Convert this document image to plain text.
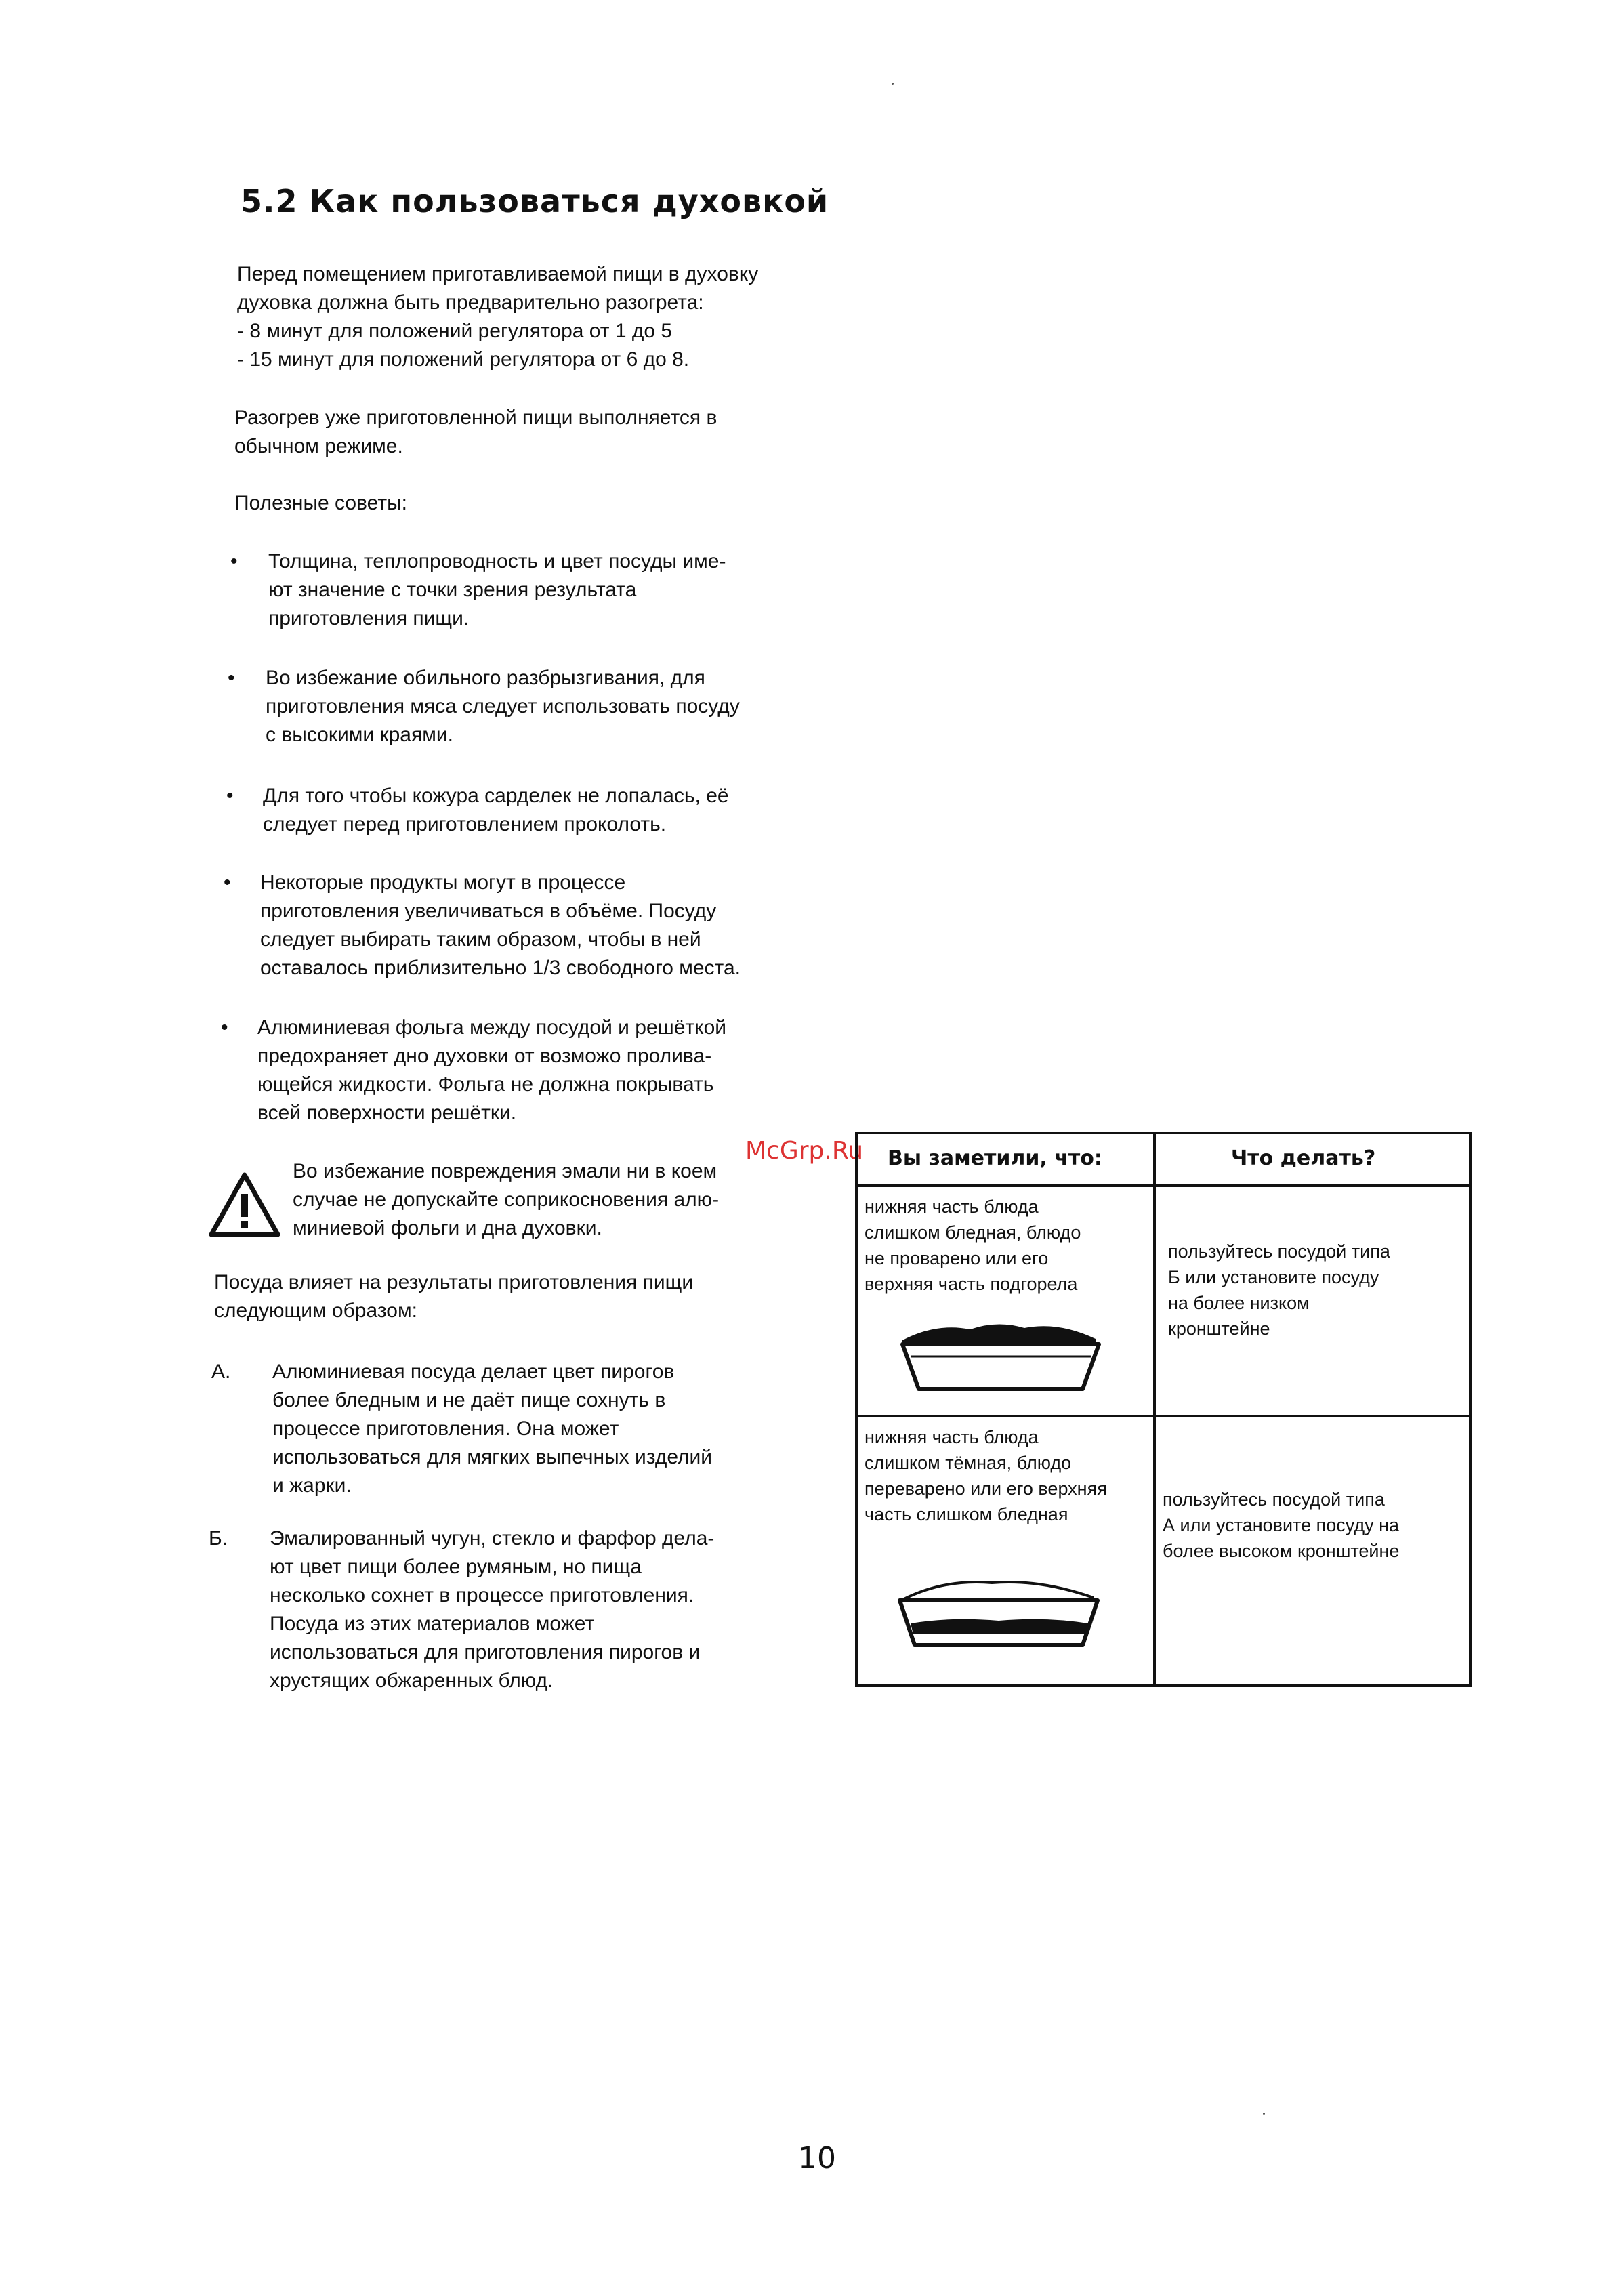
5.2 Как пользоваться духовкой
Перед помещением приготавливаемой пищи в духовку
духовка должна быть предварительно разогрета:
- 8 минут для положений регулятора от 1 до 5
- 15 минут для положений регулятора от 6 до 8.
Разогрев уже приготовленной пищи выполняется в
обычном режиме.
Полезные советы:
• Толщина, теплопроводность и цвет посуды име-
ют значение с точки зрения результата
приготовления пищи.
• Во избежание обильного разбрызгивания, для
приготовления мяса следует использовать посуду
с высокими краями.
• Для того чтобы кожура сарделек не лопалась, её
следует перед приготовлением проколоть.
• Некоторые продукты могут в процессе
приготовления увеличиваться в объёме. Посуду
следует выбирать таким образом, чтобы в ней
оставалось приблизительно 1/3 свободного места.
• Алюминиевая фольга между посудой и решёткой
предохраняет дно духовки от возможо пролива-
ющейся жидкости. Фольга не должна покрывать
всей поверхности решётки.
Во избежание повреждения эмали ни в коем
случае не допускайте соприкосновения алю-
миниевой фольги и дна духовки.
McGrp.Ru
Посуда влияет на результаты приготовления пищи
следующим образом:
А. Алюминиевая посуда делает цвет пирогов
более бледным и не даёт пище сохнуть в
процессе приготовления. Она может
использоваться для мягких выпечных изделий
и жарки.
Б. Эмалированный чугун, стекло и фарфор дела-
ют цвет пищи более румяным, но пища
несколько сохнет в процессе приготовления.
Посуда из этих материалов может
использоваться для приготовления пирогов и
хрустящих обжаренных блюд.
Вы заметили, что:	Что делать?
нижняя часть блюда
слишком бледная, блюдо
не проварено или его
верхняя часть подгорела
пользуйтесь посудой типа
Б или установите посуду
на более низком
кронштейне
нижняя часть блюда
слишком тёмная, блюдо
переварено или его верхняя
часть слишком бледная
пользуйтесь посудой типа
А или установите посуду на
более высоком кронштейне
10
